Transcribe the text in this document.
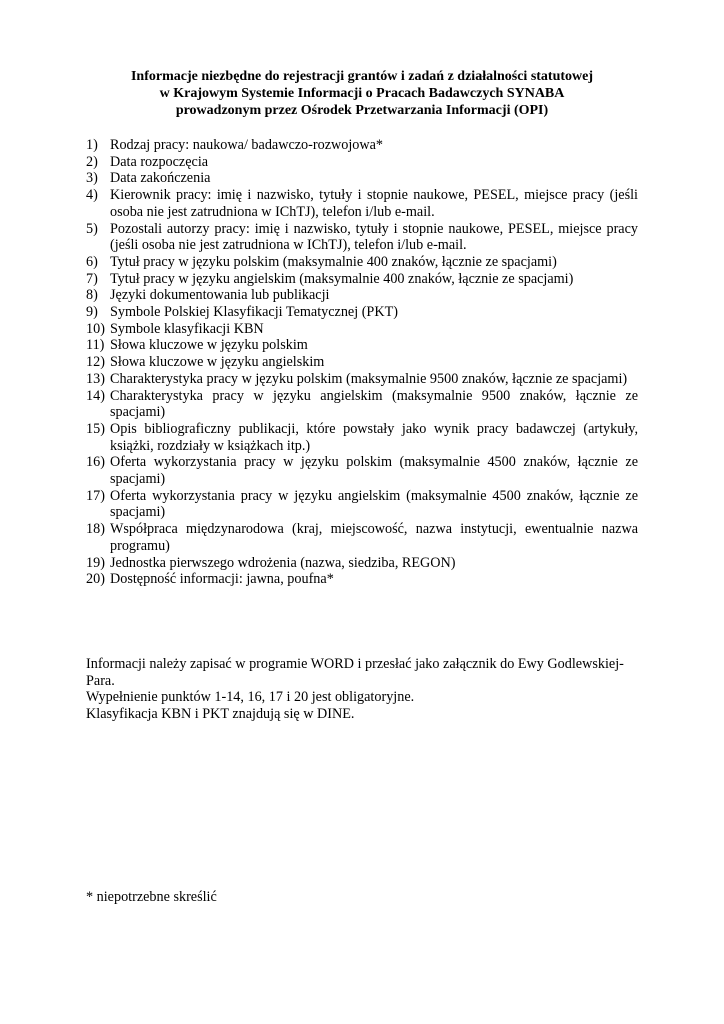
Informacje niezbędne do rejestracji grantów i zadań z działalności statutowej
w Krajowym Systemie Informacji o Pracach Badawczych SYNABA
prowadzonym przez Ośrodek Przetwarzania Informacji (OPI)
1) Rodzaj pracy: naukowa/ badawczo-rozwojowa*
2) Data rozpoczęcia
3) Data zakończenia
4) Kierownik pracy: imię i nazwisko, tytuły i stopnie naukowe, PESEL, miejsce pracy (jeśli osoba nie jest zatrudniona w IChTJ), telefon i/lub e-mail.
5) Pozostali autorzy pracy: imię i nazwisko, tytuły i stopnie naukowe, PESEL, miejsce pracy (jeśli osoba nie jest zatrudniona w IChTJ), telefon i/lub e-mail.
6) Tytuł pracy w języku polskim (maksymalnie 400 znaków, łącznie ze spacjami)
7) Tytuł pracy w języku angielskim (maksymalnie 400 znaków, łącznie ze spacjami)
8) Języki dokumentowania lub publikacji
9) Symbole Polskiej Klasyfikacji Tematycznej (PKT)
10) Symbole klasyfikacji KBN
11) Słowa kluczowe w języku polskim
12) Słowa kluczowe w języku angielskim
13) Charakterystyka pracy w języku polskim (maksymalnie 9500 znaków, łącznie ze spacjami)
14) Charakterystyka pracy w języku angielskim (maksymalnie 9500 znaków, łącznie ze spacjami)
15) Opis bibliograficzny publikacji, które powstały jako wynik pracy badawczej (artykuły, książki, rozdziały w książkach itp.)
16) Oferta wykorzystania pracy w języku polskim (maksymalnie 4500 znaków, łącznie ze spacjami)
17) Oferta wykorzystania pracy w języku angielskim (maksymalnie 4500 znaków, łącznie ze spacjami)
18) Współpraca międzynarodowa (kraj, miejscowość, nazwa instytucji, ewentualnie nazwa programu)
19) Jednostka pierwszego wdrożenia (nazwa, siedziba, REGON)
20) Dostępność informacji: jawna, poufna*

Informacji należy zapisać w programie WORD i przesłać jako załącznik do Ewy Godlewskiej-Para.

Wypełnienie punktów 1-14, 16, 17 i 20 jest obligatoryjne.

Klasyfikacja KBN i PKT znajdują się w DINE.

* niepotrzebne skreślić
